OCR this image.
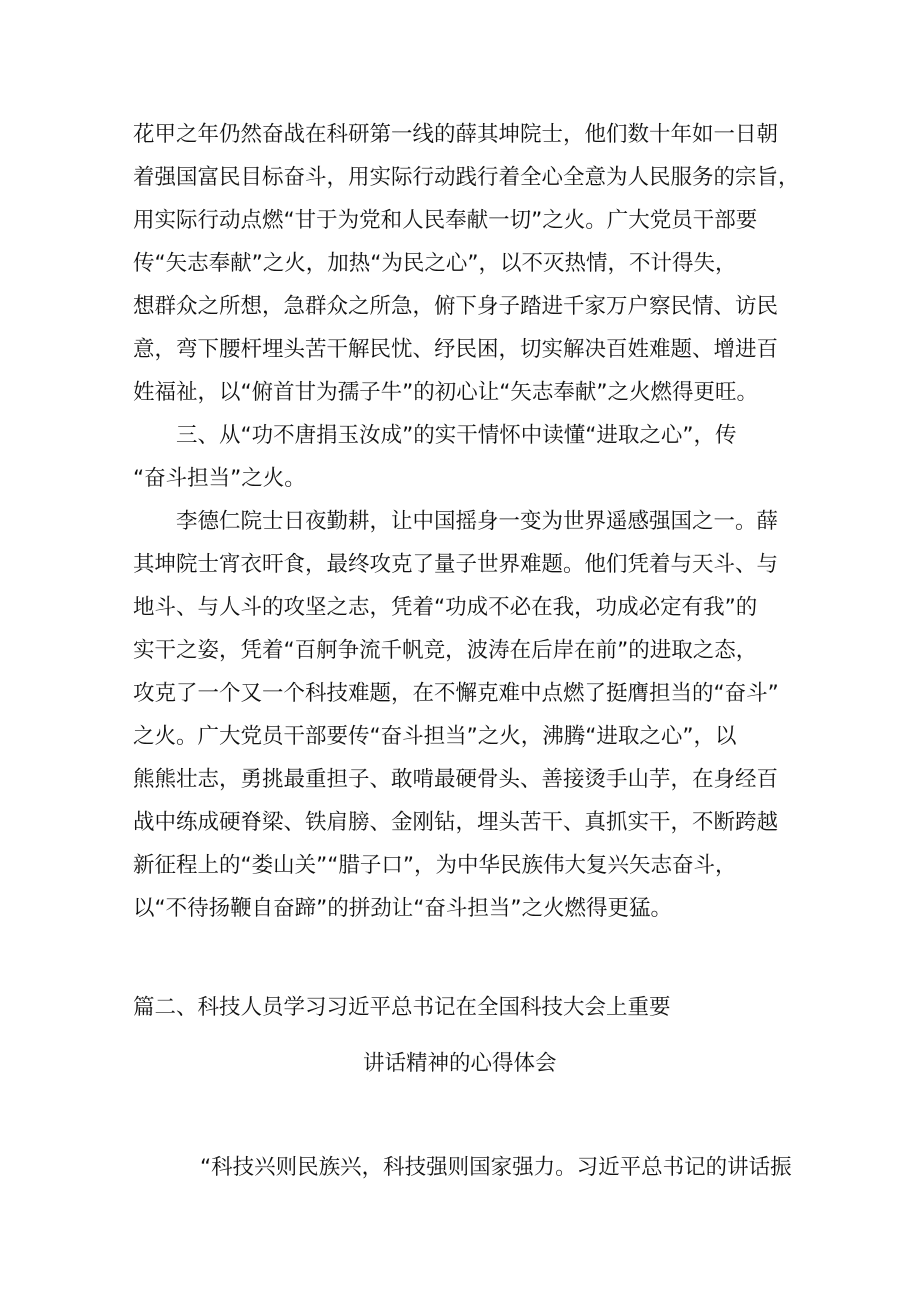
花甲之年仍然奋战在科研第一线的薛其坤院士，他们数十年如一日朝
着强国富民目标奋斗，用实际行动践行着全心全意为人民服务的宗旨，
用实际行动点燃“甘于为党和人民奉献一切”之火。广大党员干部要
传“矢志奉献”之火，加热“为民之心”，以不灭热情，不计得失，
想群众之所想，急群众之所急，俯下身子踏进千家万户察民情、访民
意，弯下腰杆埋头苦干解民忧、纾民困，切实解决百姓难题、增进百
姓福祉，以“俯首甘为孺子牛”的初心让“矢志奉献”之火燃得更旺。
三、从“功不唐捐玉汝成”的实干情怀中读懂“进取之心”，传
“奋斗担当”之火。
李德仁院士日夜勤耕，让中国摇身一变为世界遥感强国之一。薛
其坤院士宵衣旰食，最终攻克了量子世界难题。他们凭着与天斗、与
地斗、与人斗的攻坚之志，凭着“功成不必在我，功成必定有我”的
实干之姿，凭着“百舸争流千帆竞，波涛在后岸在前”的进取之态，
攻克了一个又一个科技难题，在不懈克难中点燃了挺膺担当的“奋斗”
之火。广大党员干部要传“奋斗担当”之火，沸腾“进取之心”，以
熊熊壮志，勇挑最重担子、敢啃最硬骨头、善接烫手山芋，在身经百
战中练成硬脊梁、铁肩膀、金刚钻，埋头苦干、真抓实干，不断跨越
新征程上的“娄山关”“腊子口”，为中华民族伟大复兴矢志奋斗，
以“不待扬鞭自奋蹄”的拼劲让“奋斗担当”之火燃得更猛。
篇二、科技人员学习习近平总书记在全国科技大会上重要
讲话精神的心得体会
“科技兴则民族兴，科技强则国家强力。习近平总书记的讲话振
